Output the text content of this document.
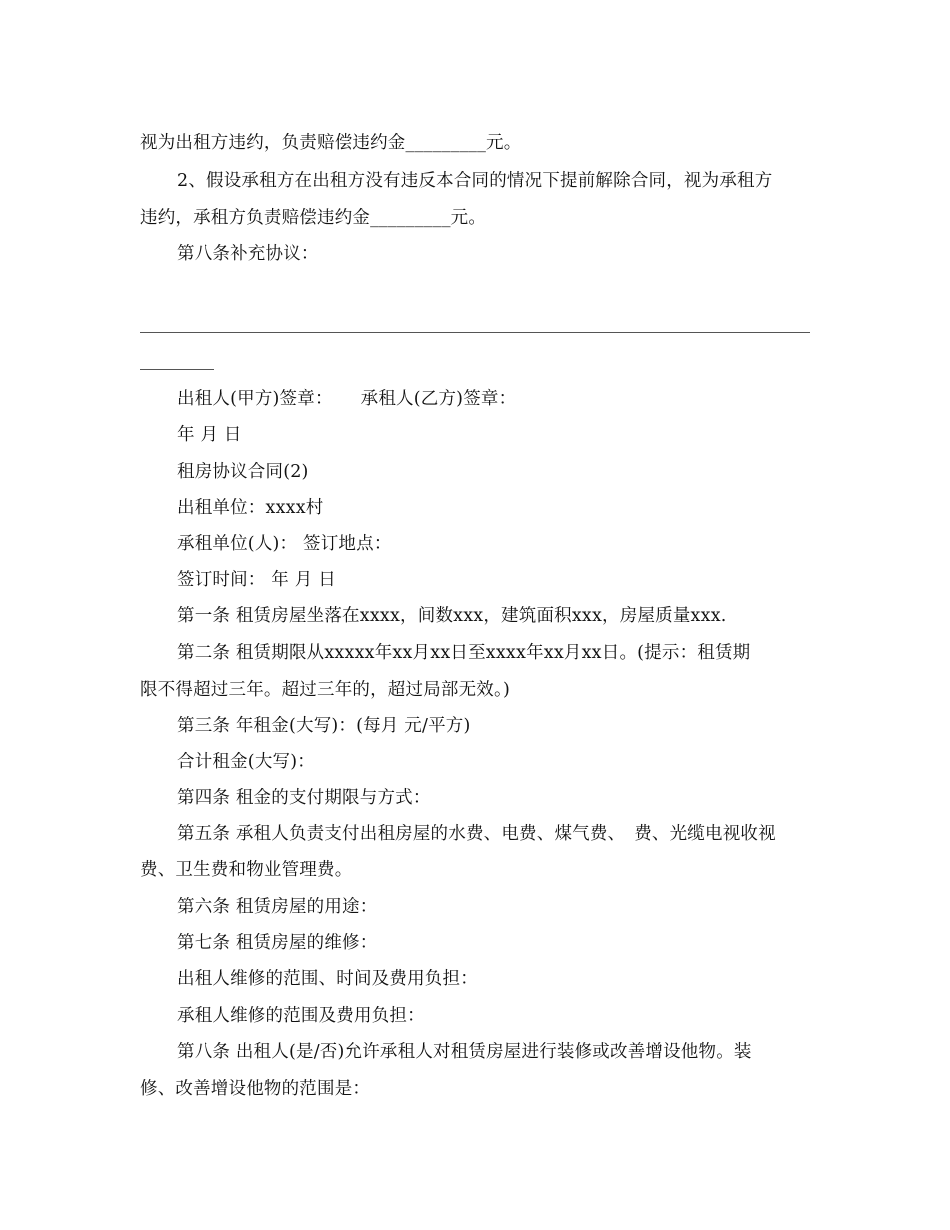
视为出租方违约，负责赔偿违约金_________元。
2、假设承租方在出租方没有违反本合同的情况下提前解除合同，视为承租方
违约，承租方负责赔偿违约金_________元。
第八条补充协议：
出租人(甲方)签章： 承租人(乙方)签章：
年 月 日
租房协议合同(2)
出租单位：xxxx村
承租单位(人)： 签订地点：
签订时间： 年 月 日
第一条 租赁房屋坐落在xxxx，间数xxx，建筑面积xxx，房屋质量xxx.
第二条 租赁期限从xxxxx年xx月xx日至xxxx年xx月xx日。(提示：租赁期
限不得超过三年。超过三年的，超过局部无效。)
第三条 年租金(大写)：(每月 元/平方)
合计租金(大写)：
第四条 租金的支付期限与方式：
第五条 承租人负责支付出租房屋的水费、电费、煤气费、　费、光缆电视收视
费、卫生费和物业管理费。
第六条 租赁房屋的用途：
第七条 租赁房屋的维修：
出租人维修的范围、时间及费用负担：
承租人维修的范围及费用负担：
第八条 出租人(是/否)允许承租人对租赁房屋进行装修或改善增设他物。装
修、改善增设他物的范围是：
